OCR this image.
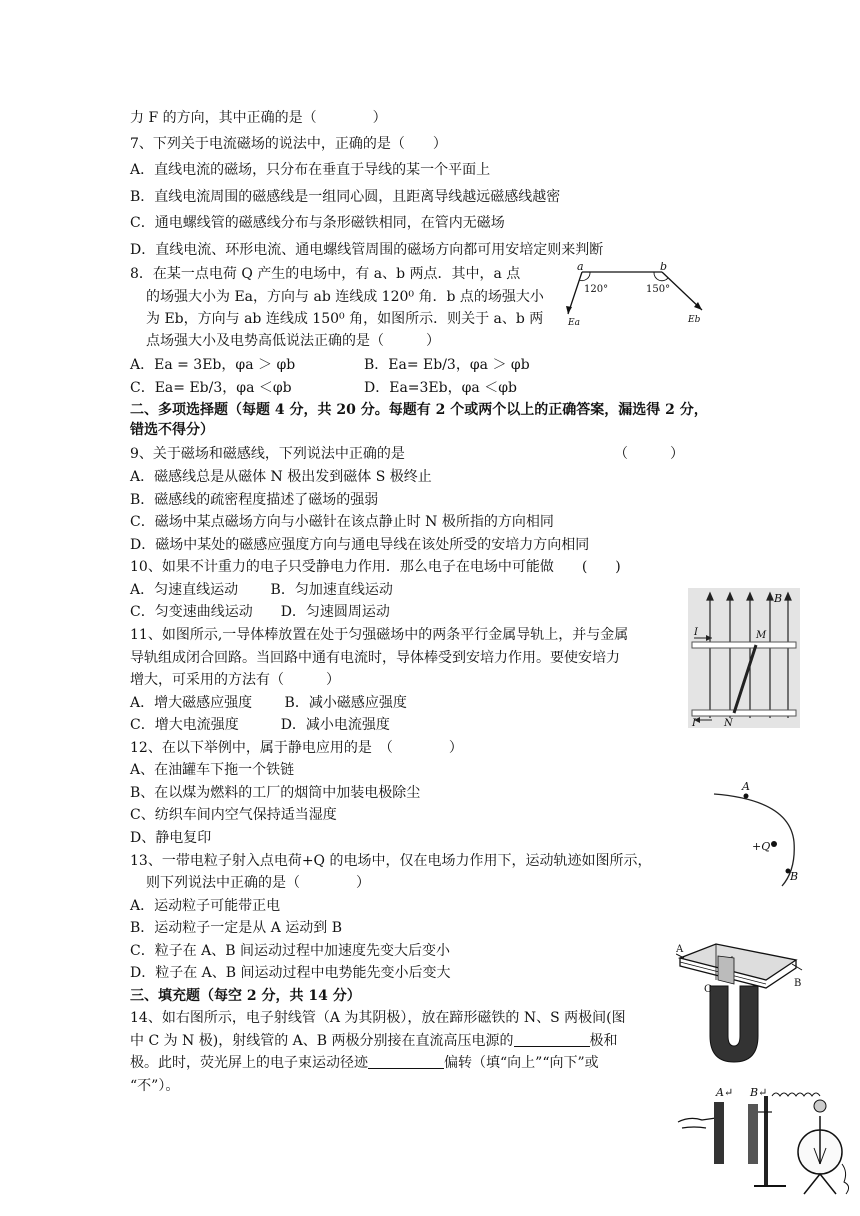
力 F 的方向，其中正确的是（　　　　）
7、下列关于电流磁场的说法中，正确的是（　　）
A．直线电流的磁场，只分布在垂直于导线的某一个平面上
B．直线电流周围的磁感线是一组同心圆，且距离导线越远磁感线越密
C．通电螺线管的磁感线分布与条形磁铁相同，在管内无磁场
D．直线电流、环形电流、通电螺线管周围的磁场方向都可用安培定则来判断
8．在某一点电荷 Q 产生的电场中，有 a、b 两点．其中，a 点
的场强大小为 Ea，方向与 ab 连线成 120⁰ 角．b 点的场强大小
为 Eb，方向与 ab 连线成 150⁰ 角，如图所示．则关于 a、b 两
点场强大小及电势高低说法正确的是（　　　）
A．Ea = 3Eb，φa ＞ φb	B．Ea= Eb/3，φa ＞ φb
C．Ea= Eb/3，φa ＜φb	D．Ea=3Eb，φa ＜φb
二、多项选择题（每题 4 分，共 20 分。每题有 2 个或两个以上的正确答案，漏选得 2 分，
错选不得分）
9、关于磁场和磁感线，下列说法中正确的是	（　　　）
A．磁感线总是从磁体 N 极出发到磁体 S 极终止
B．磁感线的疏密程度描述了磁场的强弱
C．磁场中某点磁场方向与小磁针在该点静止时 N 极所指的方向相同
D．磁场中某处的磁感应强度方向与通电导线在该处所受的安培力方向相同
10、如果不计重力的电子只受静电力作用．那么电子在电场中可能做　　(　　)
A．匀速直线运动　　 B．匀加速直线运动
C．匀变速曲线运动　　D．匀速圆周运动
11、如图所示,一导体棒放置在处于匀强磁场中的两条平行金属导轨上，并与金属
导轨组成闭合回路。当回路中通有电流时，导体棒受到安培力作用。要使安培力
增大，可采用的方法有（　　　）
A．增大磁感应强度　　 B．减小磁感应强度
C．增大电流强度　　　D．减小电流强度
12、在以下举例中，属于静电应用的是　（　　　　）
A、在油罐车下拖一个铁链
B、在以煤为燃料的工厂的烟筒中加装电极除尘
C、纺织车间内空气保持适当湿度
D、静电复印
13、一带电粒子射入点电荷+Q 的电场中，仅在电场力作用下，运动轨迹如图所示，
则下列说法中正确的是（　　　　）
A．运动粒子可能带正电
B．运动粒子一定是从 A 运动到 B
C．粒子在 A、B 间运动过程中加速度先变大后变小
D．粒子在 A、B 间运动过程中电势能先变小后变大
三、填充题（每空 2 分，共 14 分）
14、如右图所示，电子射线管（A 为其阴极），放在蹄形磁铁的 N、S 两极间(图
中 C 为 N 极)，射线管的 A、B 两极分别接在直流高压电源的	极和
极。此时，荧光屏上的电子束运动径迹	偏转（填“向上”“向下”或
“不”）。
a	b
120°	150°
Ea	Eb
B
I
I
M
N
A
+Q
B
A
B
C
A↵ B↵
